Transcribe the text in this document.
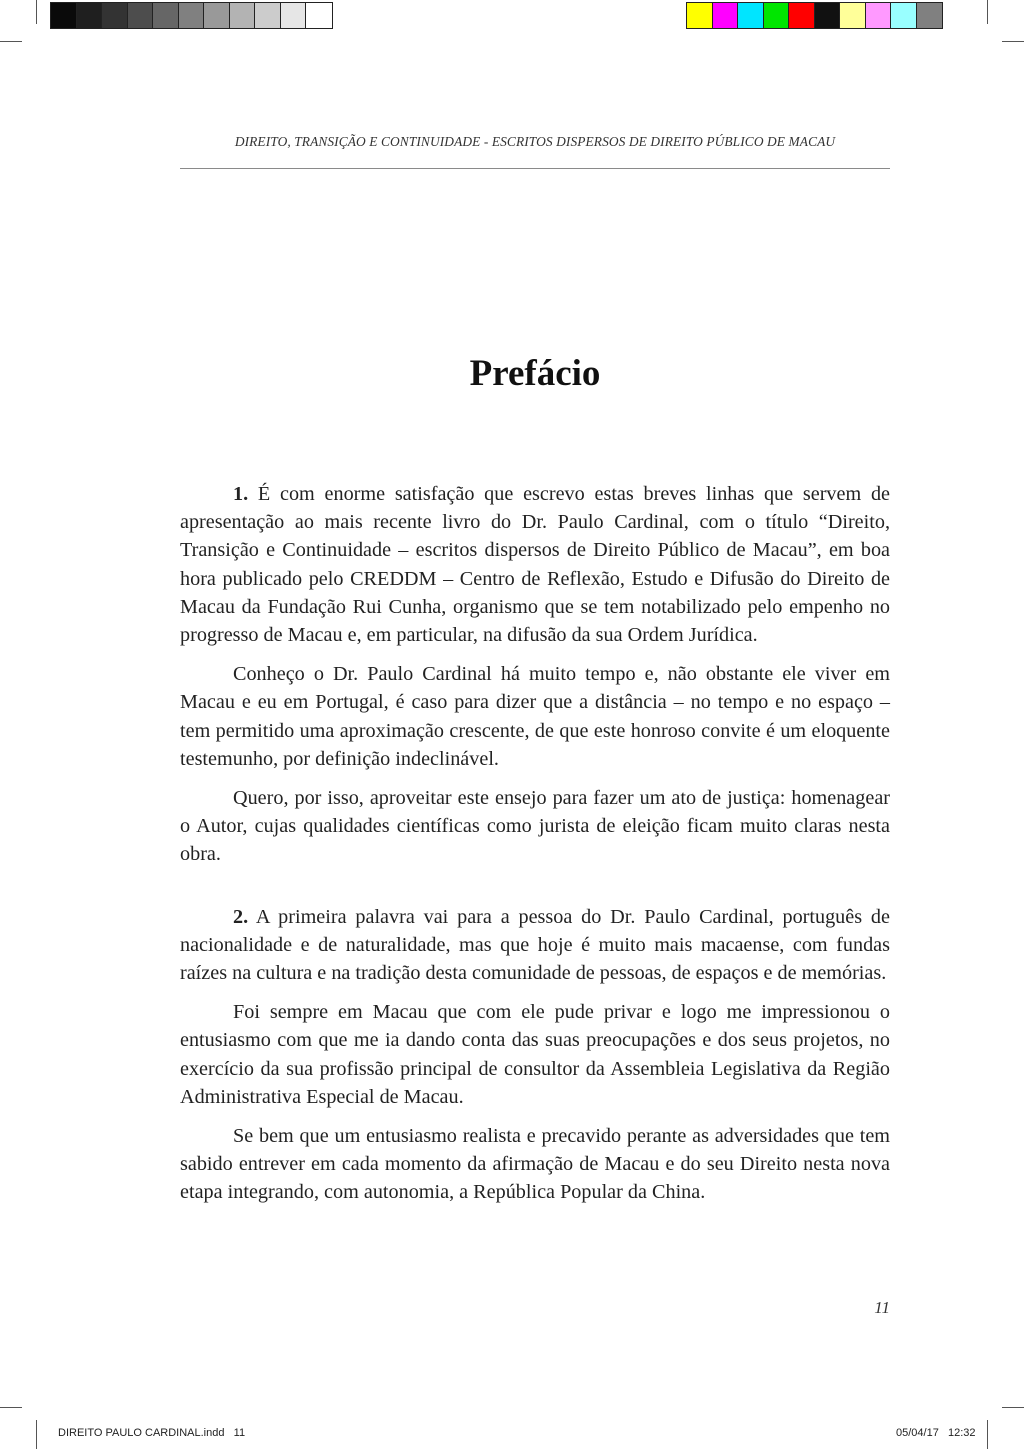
DIREITO, TRANSIÇÃO E CONTINUIDADE - ESCRITOS DISPERSOS DE DIREITO PÚBLICO DE MACAU
Prefácio

1. É com enorme satisfação que escrevo estas breves linhas que servem de apresentação ao mais recente livro do Dr. Paulo Cardinal, com o título “Direito, Transição e Continuidade – escritos dispersos de Direito Público de Macau”, em boa hora publicado pelo CREDDM – Centro de Reflexão, Estudo e Difusão do Direito de Macau da Fundação Rui Cunha, organismo que se tem notabilizado pelo empenho no progresso de Macau e, em particular, na difusão da sua Ordem Jurídica.

Conheço o Dr. Paulo Cardinal há muito tempo e, não obstante ele viver em Macau e eu em Portugal, é caso para dizer que a distância – no tempo e no espaço – tem permitido uma aproximação crescente, de que este honroso convite é um eloquente testemunho, por definição indeclinável.

Quero, por isso, aproveitar este ensejo para fazer um ato de justiça: homenagear o Autor, cujas qualidades científicas como jurista de eleição ficam muito claras nesta obra.

2. A primeira palavra vai para a pessoa do Dr. Paulo Cardinal, português de nacionalidade e de naturalidade, mas que hoje é muito mais macaense, com fundas raízes na cultura e na tradição desta comunidade de pessoas, de espaços e de memórias.

Foi sempre em Macau que com ele pude privar e logo me impressionou o entusiasmo com que me ia dando conta das suas preocupações e dos seus projetos, no exercício da sua profissão principal de consultor da Assembleia Legislativa da Região Administrativa Especial de Macau.

Se bem que um entusiasmo realista e precavido perante as adversidades que tem sabido entrever em cada momento da afirmação de Macau e do seu Direito nesta nova etapa integrando, com autonomia, a República Popular da China.

11
DIREITO PAULO CARDINAL.indd   11	05/04/17   12:32
